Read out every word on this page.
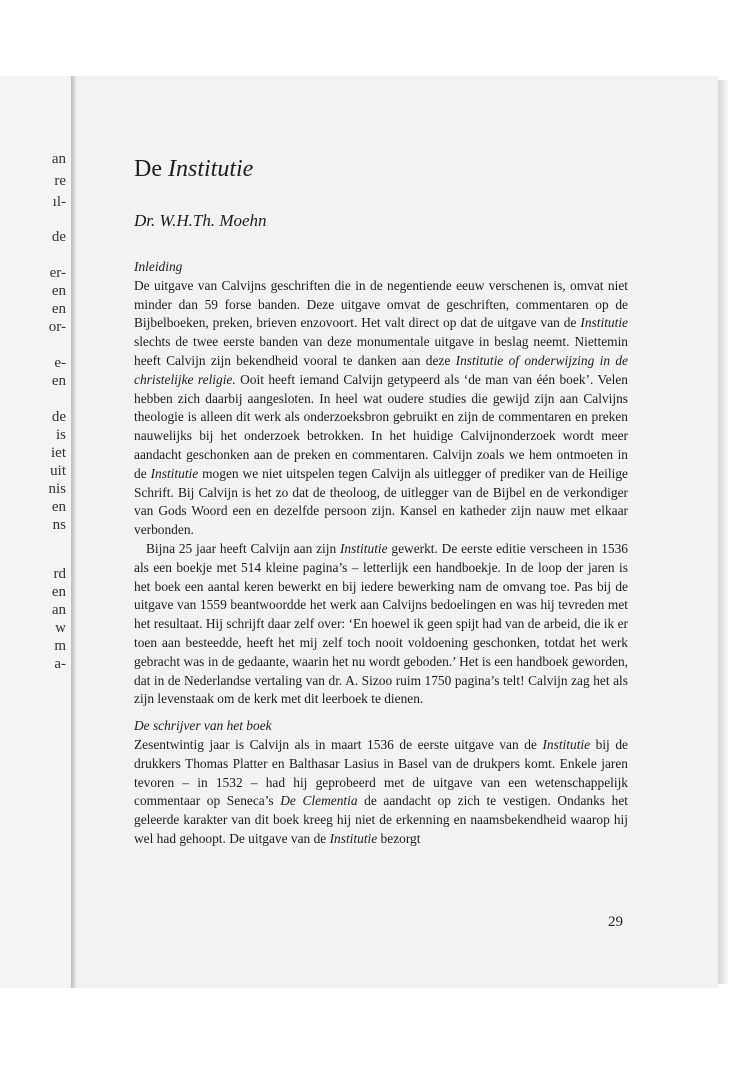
an
re
ıl-
de
er-
en
en
or-
e-
en
de
is
iet
uit
nis
en
ns
rd
en
an
w
m
a-
De Institutie
Dr. W.H.Th. Moehn
Inleiding

De uitgave van Calvijns geschriften die in de negentiende eeuw verschenen is, omvat niet minder dan 59 forse banden. Deze uitgave omvat de geschriften, commentaren op de Bijbelboeken, preken, brieven enzovoort. Het valt direct op dat de uitgave van de Institutie slechts de twee eerste banden van deze monumentale uitgave in beslag neemt. Niettemin heeft Calvijn zijn bekendheid vooral te danken aan deze Institutie of onderwijzing in de christelijke religie. Ooit heeft iemand Calvijn getypeerd als ‘de man van één boek’. Velen hebben zich daarbij aangesloten. In heel wat oudere studies die gewijd zijn aan Calvijns theologie is alleen dit werk als onderzoeksbron gebruikt en zijn de commentaren en preken nauwelijks bij het onderzoek betrokken. In het huidige Calvijnonderzoek wordt meer aandacht geschonken aan de preken en commentaren. Calvijn zoals we hem ontmoeten in de Institutie mogen we niet uitspelen tegen Calvijn als uitlegger of prediker van de Heilige Schrift. Bij Calvijn is het zo dat de theoloog, de uitlegger van de Bijbel en de verkondiger van Gods Woord een en dezelfde persoon zijn. Kansel en katheder zijn nauw met elkaar verbonden.

Bijna 25 jaar heeft Calvijn aan zijn Institutie gewerkt. De eerste editie verscheen in 1536 als een boekje met 514 kleine pagina’s – letterlijk een handboekje. In de loop der jaren is het boek een aantal keren bewerkt en bij iedere bewerking nam de omvang toe. Pas bij de uitgave van 1559 beantwoordde het werk aan Calvijns bedoelingen en was hij tevreden met het resultaat. Hij schrijft daar zelf over: ‘En hoewel ik geen spijt had van de arbeid, die ik er toen aan besteedde, heeft het mij zelf toch nooit voldoening geschonken, totdat het werk gebracht was in de gedaante, waarin het nu wordt geboden.’ Het is een handboek geworden, dat in de Nederlandse vertaling van dr. A. Sizoo ruim 1750 pagina’s telt! Calvijn zag het als zijn levenstaak om de kerk met dit leerboek te dienen.

De schrijver van het boek

Zesentwintig jaar is Calvijn als in maart 1536 de eerste uitgave van de Institutie bij de drukkers Thomas Platter en Balthasar Lasius in Basel van de drukpers komt. Enkele jaren tevoren – in 1532 – had hij geprobeerd met de uitgave van een wetenschappelijk commentaar op Seneca’s De Clementia de aandacht op zich te vestigen. Ondanks het geleerde karakter van dit boek kreeg hij niet de erkenning en naamsbekendheid waarop hij wel had gehoopt. De uitgave van de Institutie bezorgt

29
